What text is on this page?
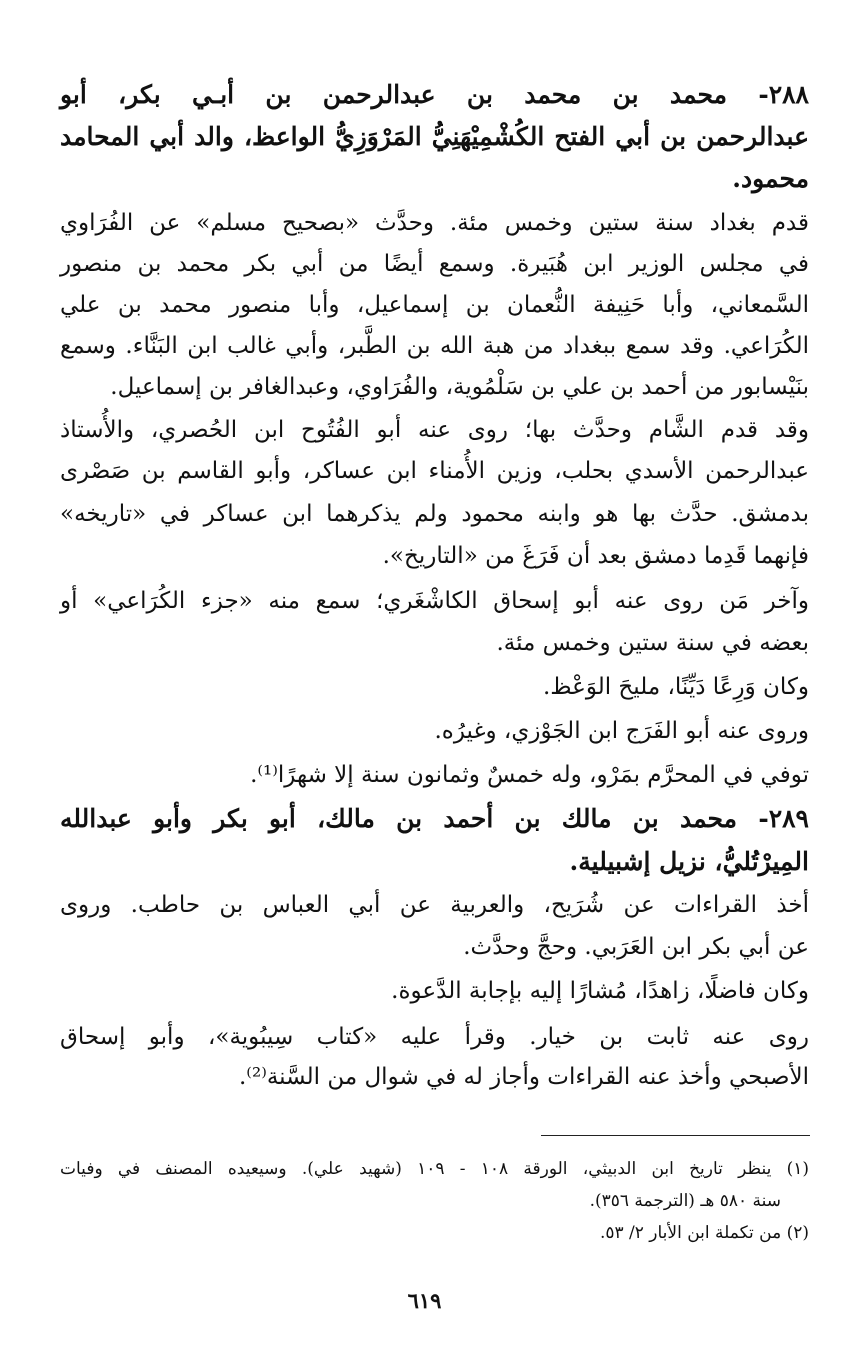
٢٨٨- محمد بن محمد بن عبدالرحمن بن أبـي بكر، أبو
عبدالرحمن بن أبي الفتح الكُشْمِيْهَنِيُّ المَرْوَزِيُّ الواعظ، والد أبي المحامد
محمود.
قدم بغداد سنة ستين وخمس مئة. وحدَّث «بصحيح مسلم» عن الفُرَاوي
في مجلس الوزير ابن هُبَيرة. وسمع أيضًا من أبي بكر محمد بن منصور
السَّمعاني، وأبا حَنِيفة النُّعمان بن إسماعيل، وأبا منصور محمد بن علي
الكُرَاعي. وقد سمع ببغداد من هبة الله بن الطَّبر، وأبي غالب ابن البَنَّاء. وسمع
بنَيْسابور من أحمد بن علي بن سَلْمُوية، والفُرَاوي، وعبدالغافر بن إسماعيل.
وقد قدم الشَّام وحدَّث بها؛ روى عنه أبو الفُتُوح ابن الحُصري، والأُستاذ
عبدالرحمن الأسدي بحلب، وزين الأُمناء ابن عساكر، وأبو القاسم بن صَصْرى
بدمشق. حدَّث بها هو وابنه محمود ولم يذكرهما ابن عساكر في «تاريخه»
فإنهما قَدِما دمشق بعد أن فَرَغَ من «التاريخ».
وآخر مَن روى عنه أبو إسحاق الكاشْغَري؛ سمع منه «جزء الكُرَاعي» أو
بعضه في سنة ستين وخمس مئة.
وكان وَرِعًا دَيِّنًا، مليحَ الوَعْظ.
وروى عنه أبو الفَرَج ابن الجَوْزي، وغيرُه.
توفي في المحرَّم بمَرْو، وله خمسٌ وثمانون سنة إلا شهرًا⁽¹⁾.
٢٨٩- محمد بن مالك بن أحمد بن مالك، أبو بكر وأبو عبدالله
المِيرْتُليُّ، نزيل إشبيلية.
أخذ القراءات عن شُرَيح، والعربية عن أبي العباس بن حاطب. وروى
عن أبي بكر ابن العَرَبي. وحجَّ وحدَّث.
وكان فاضلًا، زاهدًا، مُشارًا إليه بإجابة الدَّعوة.
روى عنه ثابت بن خيار. وقرأ عليه «كتاب سِيبُوية»، وأبو إسحاق
الأصبحي وأخذ عنه القراءات وأجاز له في شوال من السَّنة⁽²⁾.
(١) ينظر تاريخ ابن الدبيثي، الورقة ١٠٨ - ١٠٩ (شهيد علي). وسيعيده المصنف في وفيات
سنة ٥٨٠ هـ (الترجمة ٣٥٦).
(٢) من تكملة ابن الأبار ٢/ ٥٣.
٦١٩
